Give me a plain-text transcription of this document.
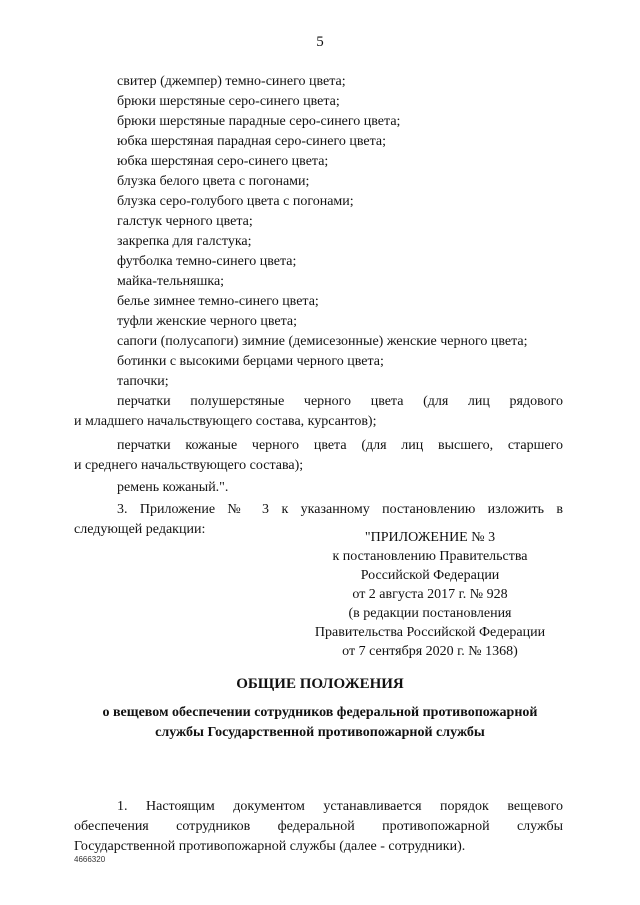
5
свитер (джемпер) темно-синего цвета;
брюки шерстяные серо-синего цвета;
брюки шерстяные парадные серо-синего цвета;
юбка шерстяная парадная серо-синего цвета;
юбка шерстяная серо-синего цвета;
блузка белого цвета с погонами;
блузка серо-голубого цвета с погонами;
галстук черного цвета;
закрепка для галстука;
футболка темно-синего цвета;
майка-тельняшка;
белье зимнее темно-синего цвета;
туфли женские черного цвета;
сапоги (полусапоги) зимние (демисезонные) женские черного цвета;
ботинки с высокими берцами черного цвета;
тапочки;
перчатки полушерстяные черного цвета (для лиц рядового
и младшего начальствующего состава, курсантов);
перчатки кожаные черного цвета (для лиц высшего, старшего
и среднего начальствующего состава);
ремень кожаный.".
3. Приложение № 3 к указанному постановлению изложить в
следующей редакции:
"ПРИЛОЖЕНИЕ № 3
к постановлению Правительства
Российской Федерации
от 2 августа 2017 г. № 928
(в редакции постановления
Правительства Российской Федерации
от 7 сентября 2020 г. № 1368)
ОБЩИЕ ПОЛОЖЕНИЯ
о вещевом обеспечении сотрудников федеральной противопожарной
службы Государственной противопожарной службы
1. Настоящим документом устанавливается порядок вещевого
обеспечения сотрудников федеральной противопожарной службы
Государственной противопожарной службы (далее - сотрудники).
4666320
